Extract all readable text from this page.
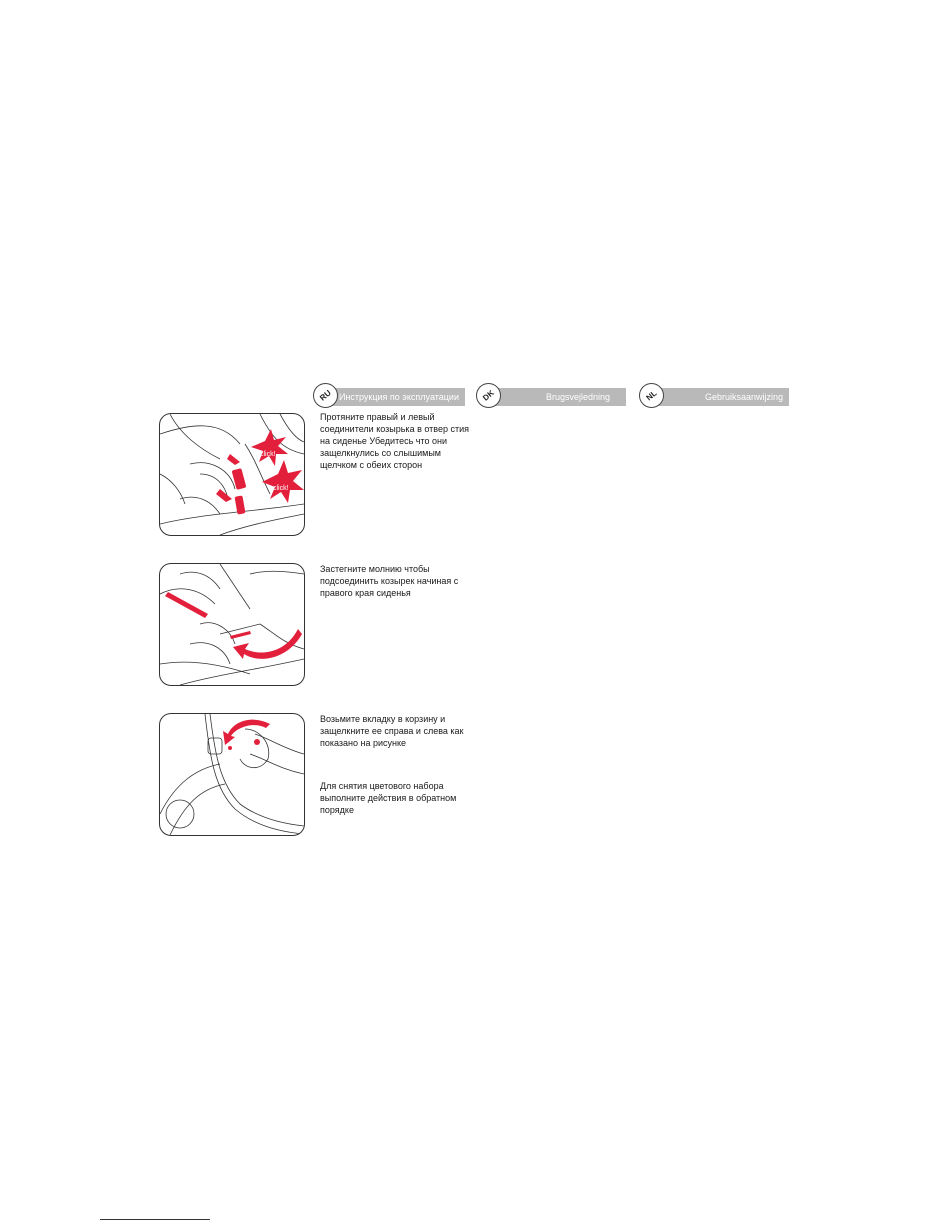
RU Инструкция по эксплуатации	DK	Brugsvejledning	NL	Gebruiksaanwijzing
click!
click!

Протяните правый и левый соединители козырька в отвер стия на сиденье Убедитесь что они защелкнулись со слышимым щелчком с обеих сторон

Застегните молнию чтобы подсоединить козырек начиная с правого края сиденья

Возьмите вкладку в корзину и защелкните ее справа и слева как показано на рисунке

Для снятия цветового набора выполните действия в обратном порядке
